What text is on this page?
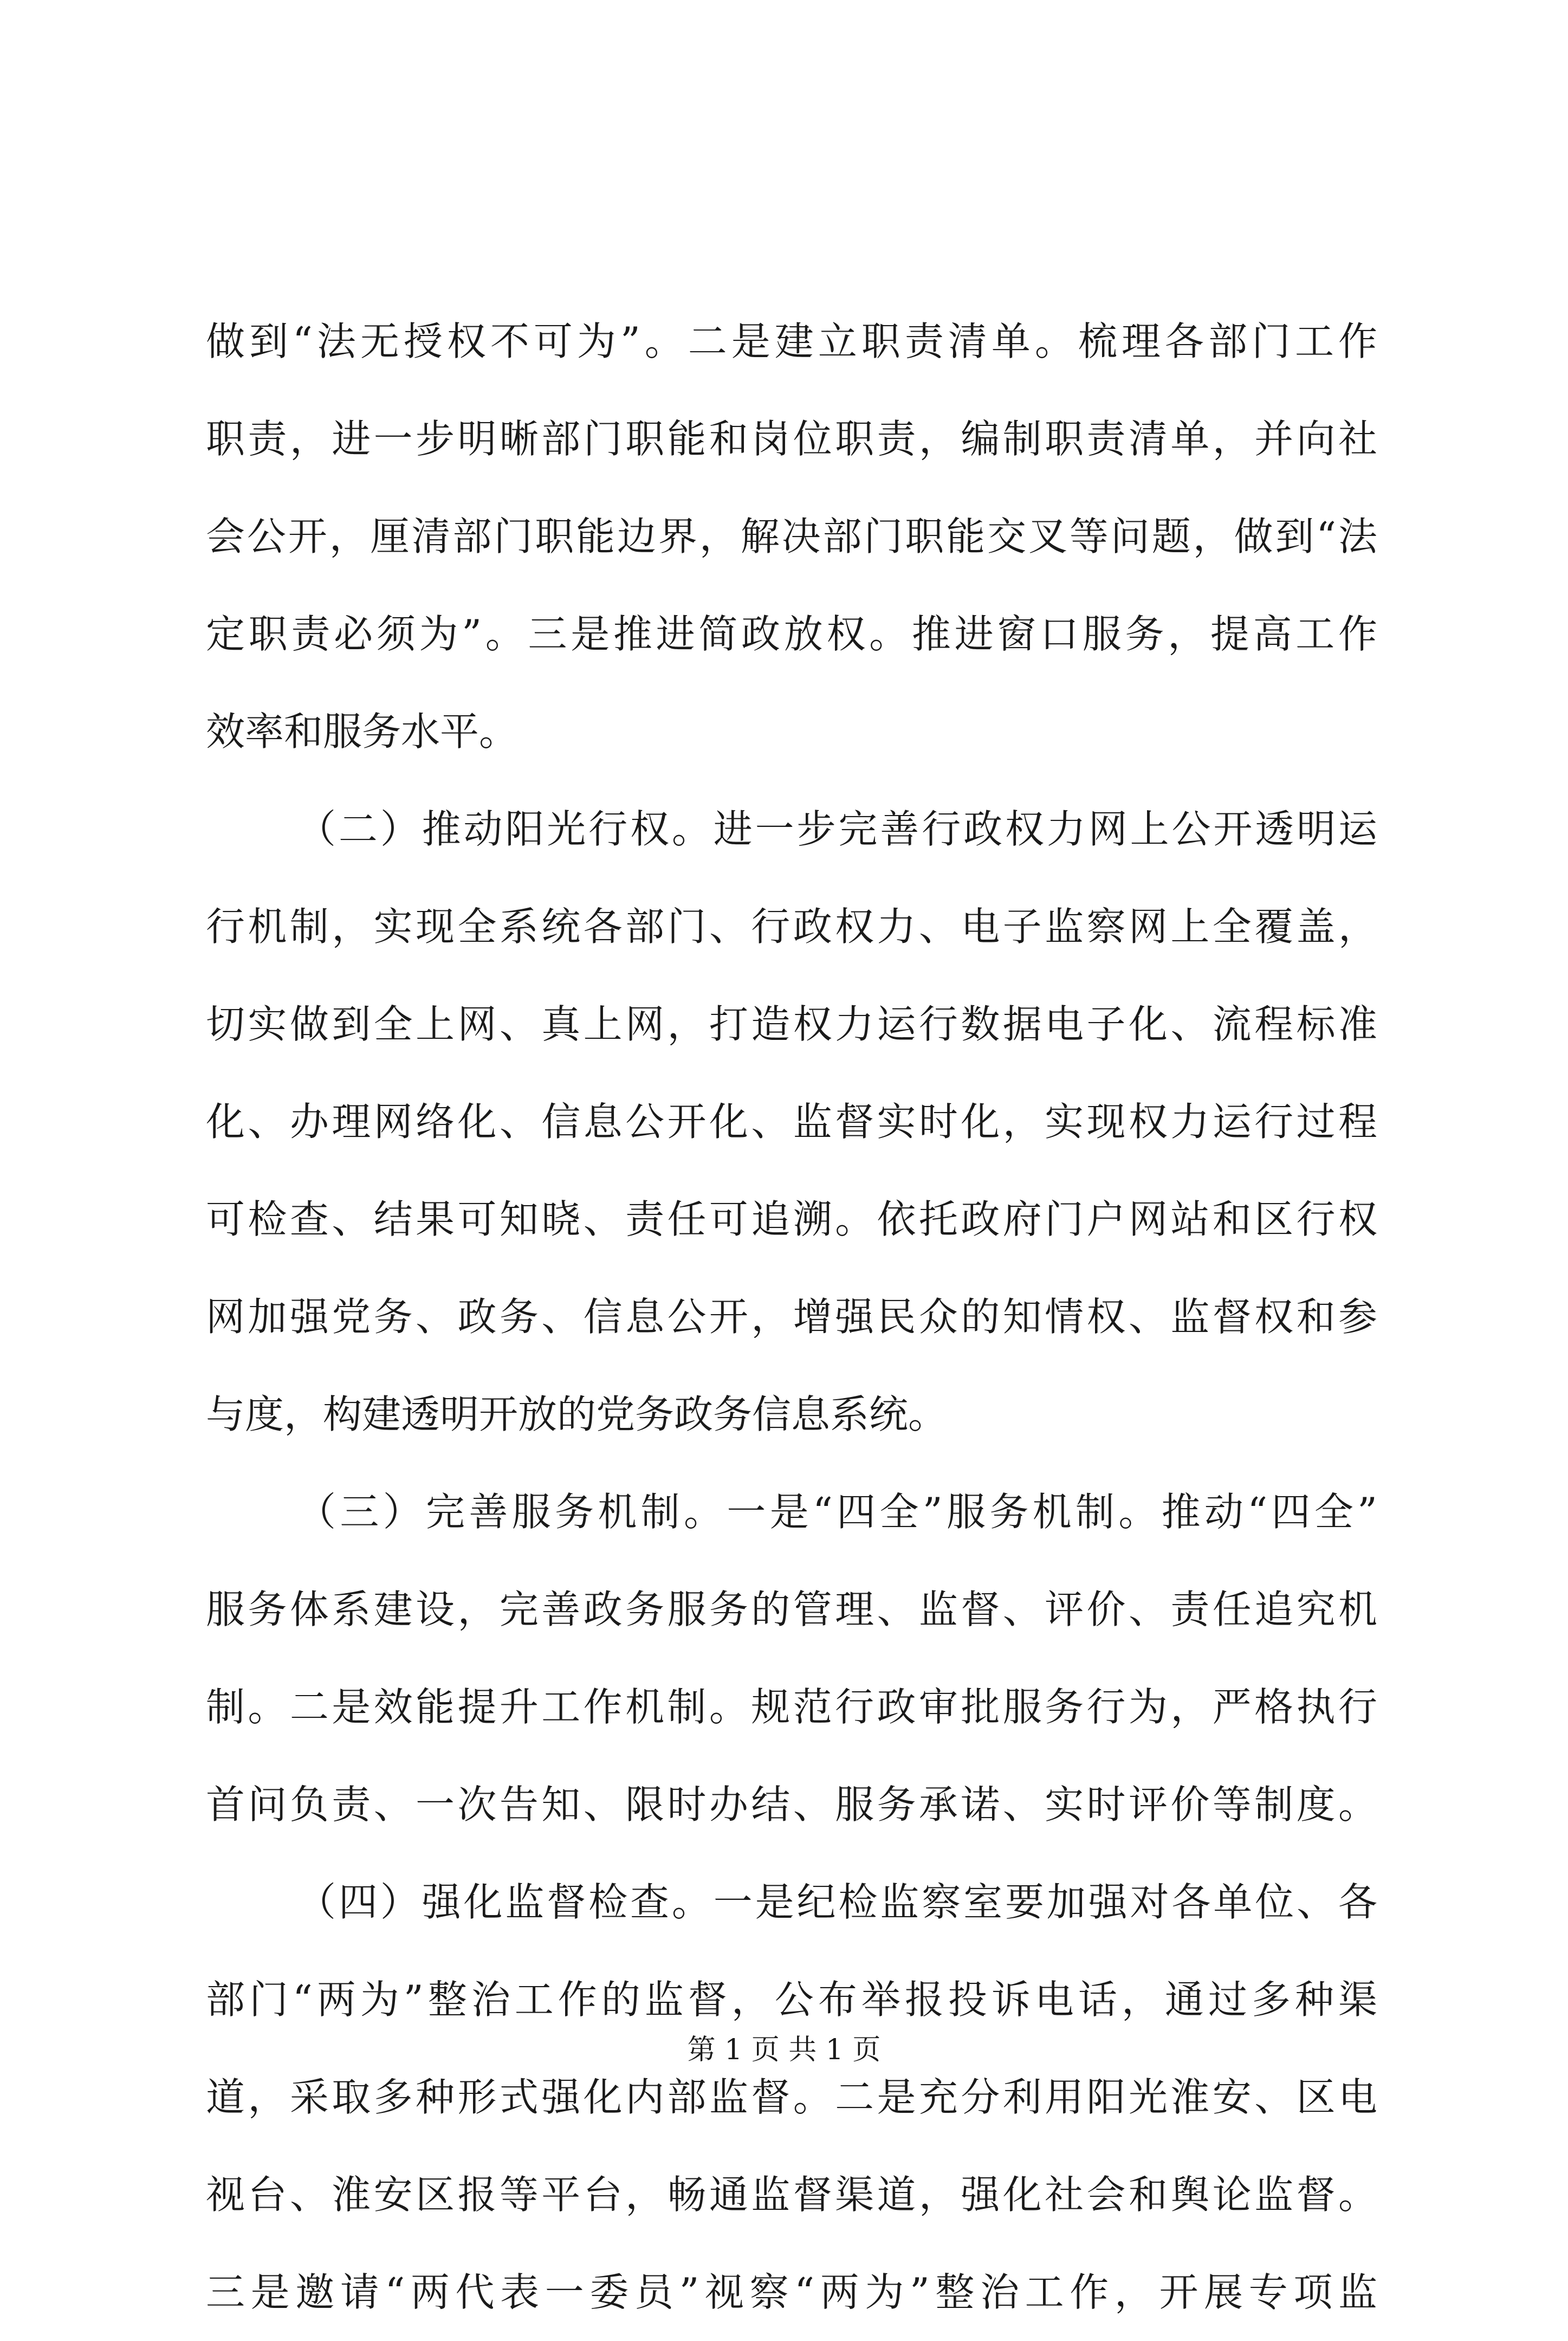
做到“法无授权不可为”。二是建立职责清单。梳理各部门工作
职责，进一步明晰部门职能和岗位职责，编制职责清单，并向社
会公开，厘清部门职能边界，解决部门职能交叉等问题，做到“法
定职责必须为”。三是推进简政放权。推进窗口服务，提高工作
效率和服务水平。
（二）推动阳光行权。进一步完善行政权力网上公开透明运
行机制，实现全系统各部门、行政权力、电子监察网上全覆盖，
切实做到全上网、真上网，打造权力运行数据电子化、流程标准
化、办理网络化、信息公开化、监督实时化，实现权力运行过程
可检查、结果可知晓、责任可追溯。依托政府门户网站和区行权
网加强党务、政务、信息公开，增强民众的知情权、监督权和参
与度，构建透明开放的党务政务信息系统。
（三）完善服务机制。一是“四全”服务机制。推动“四全”
服务体系建设，完善政务服务的管理、监督、评价、责任追究机
制。二是效能提升工作机制。规范行政审批服务行为，严格执行
首问负责、一次告知、限时办结、服务承诺、实时评价等制度。
（四）强化监督检查。一是纪检监察室要加强对各单位、各
部门“两为”整治工作的监督，公布举报投诉电话，通过多种渠
道，采取多种形式强化内部监督。二是充分利用阳光淮安、区电
视台、淮安区报等平台，畅通监督渠道，强化社会和舆论监督。
三是邀请“两代表一委员”视察“两为”整治工作，开展专项监
第 1 页 共 1 页
